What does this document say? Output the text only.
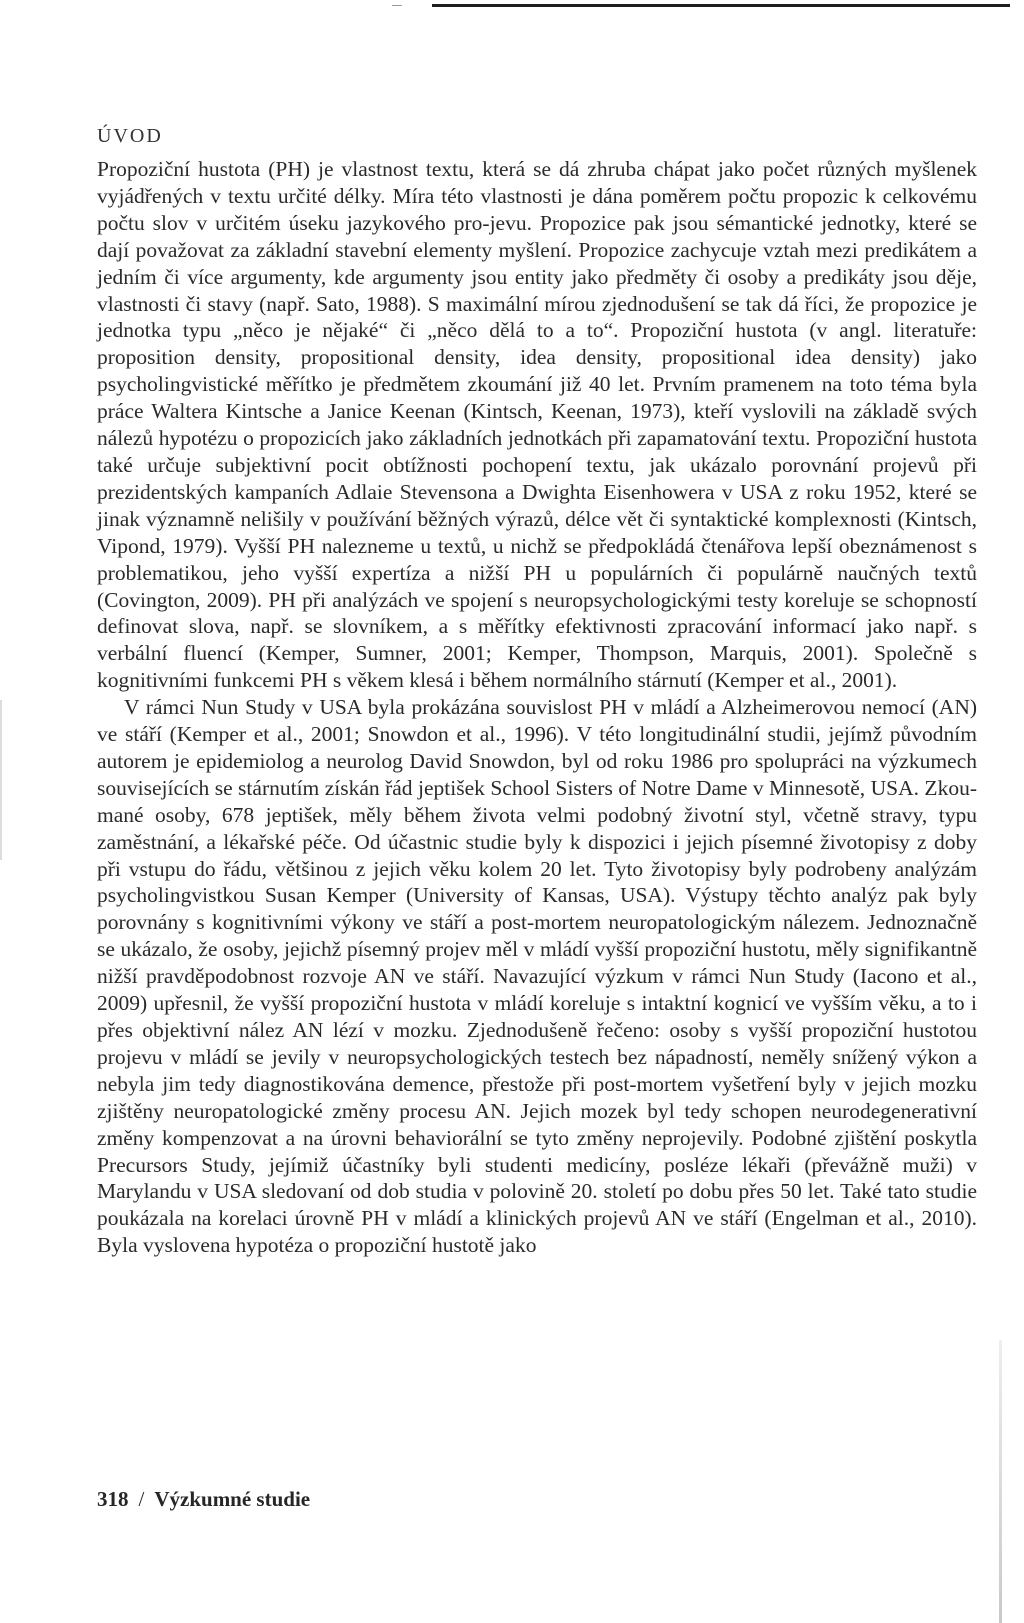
ÚVOD

Propoziční hustota (PH) je vlastnost textu, která se dá zhruba chápat jako počet různých myšlenek vyjádřených v textu určité délky. Míra této vlastnosti je dána poměrem počtu propozic k celkovému počtu slov v určitém úseku jazykového pro-jevu. Propozice pak jsou sémantické jednotky, které se dají považovat za základní stavební elementy myšlení. Propozice zachycuje vztah mezi predikátem a jedním či více argumenty, kde argumenty jsou entity jako předměty či osoby a predikáty jsou děje, vlastnosti či stavy (např. Sato, 1988). S maximální mírou zjednodušení se tak dá říci, že propozice je jednotka typu „něco je nějaké“ či „něco dělá to a to“. Propoziční hustota (v angl. literatuře: proposition density, propositional density, idea density, propositional idea density) jako psycholingvistické měřítko je předmětem zkoumání již 40 let. Prvním pramenem na toto téma byla práce Waltera Kintsche a Janice Keenan (Kintsch, Keenan, 1973), kteří vyslovili na základě svých nálezů hypotézu o propozicích jako základních jednotkách při zapamatování textu. Propoziční hustota také určuje subjektivní pocit obtížnosti pochopení textu, jak ukázalo porovnání projevů při prezidentských kampaních Adlaie Stevensona a Dwighta Eisenhowera v USA z roku 1952, které se jinak významně nelišily v používání běžných výrazů, délce vět či syntaktické komplexnosti (Kintsch, Vipond, 1979). Vyšší PH nalezneme u textů, u nichž se předpokládá čtenářova lepší obeznámenost s problematikou, jeho vyšší expertíza a nižší PH u populárních či populárně naučných textů (Covington, 2009). PH při analýzách ve spojení s neuropsychologickými testy koreluje se schopností definovat slova, např. se slovníkem, a s měřítky efektivnosti zpracování informací jako např. s verbální fluencí (Kemper, Sumner, 2001; Kemper, Thompson, Marquis, 2001). Společně s kognitivními funkcemi PH s věkem klesá i během normálního stárnutí (Kemper et al., 2001).

V rámci Nun Study v USA byla prokázána souvislost PH v mládí a Alzheimerovou nemocí (AN) ve stáří (Kemper et al., 2001; Snowdon et al., 1996). V této longitudinální studii, jejímž původním autorem je epidemiolog a neurolog David Snowdon, byl od roku 1986 pro spolupráci na výzkumech souvisejících se stárnutím získán řád jeptišek School Sisters of Notre Dame v Minnesotě, USA. Zkoumané osoby, 678 jeptišek, měly během života velmi podobný životní styl, včetně stravy, typu zaměstnání, a lékařské péče. Od účastnic studie byly k dispozici i jejich písemné životopisy z doby při vstupu do řádu, většinou z jejich věku kolem 20 let. Tyto životopisy byly podrobeny analýzám psycholingvistkou Susan Kemper (University of Kansas, USA). Výstupy těchto analýz pak byly porovnány s kognitivními výkony ve stáří a post-mortem neuropatologickým nálezem. Jednoznačně se ukázalo, že osoby, jejichž písemný projev měl v mládí vyšší propoziční hustotu, měly signifikantně nižší pravděpodobnost rozvoje AN ve stáří. Navazující výzkum v rámci Nun Study (Iacono et al., 2009) upřesnil, že vyšší propoziční hustota v mládí koreluje s intaktní kognicí ve vyšším věku, a to i přes objektivní nález AN lézí v mozku. Zjednodušeně řečeno: osoby s vyšší propoziční hustotou projevu v mládí se jevily v neuropsychologických testech bez nápadností, neměly snížený výkon a nebyla jim tedy diagnostikována demence, přestože při post-mortem vyšetření byly v jejich mozku zjištěny neuropatologické změny procesu AN. Jejich mozek byl tedy schopen neurodegenerativní změny kompenzovat a na úrovni behaviorální se tyto změny neprojevily. Podobné zjištění poskytla Precursors Study, jejímiž účastníky byli studenti medicíny, posléze lékaři (převážně muži) v Marylandu v USA sledovaní od dob studia v polovině 20. století po dobu přes 50 let. Také tato studie poukázala na korelaci úrovně PH v mládí a klinických projevů AN ve stáří (Engelman et al., 2010). Byla vyslovena hypotéza o propoziční hustotě jako

318 / Výzkumné studie
